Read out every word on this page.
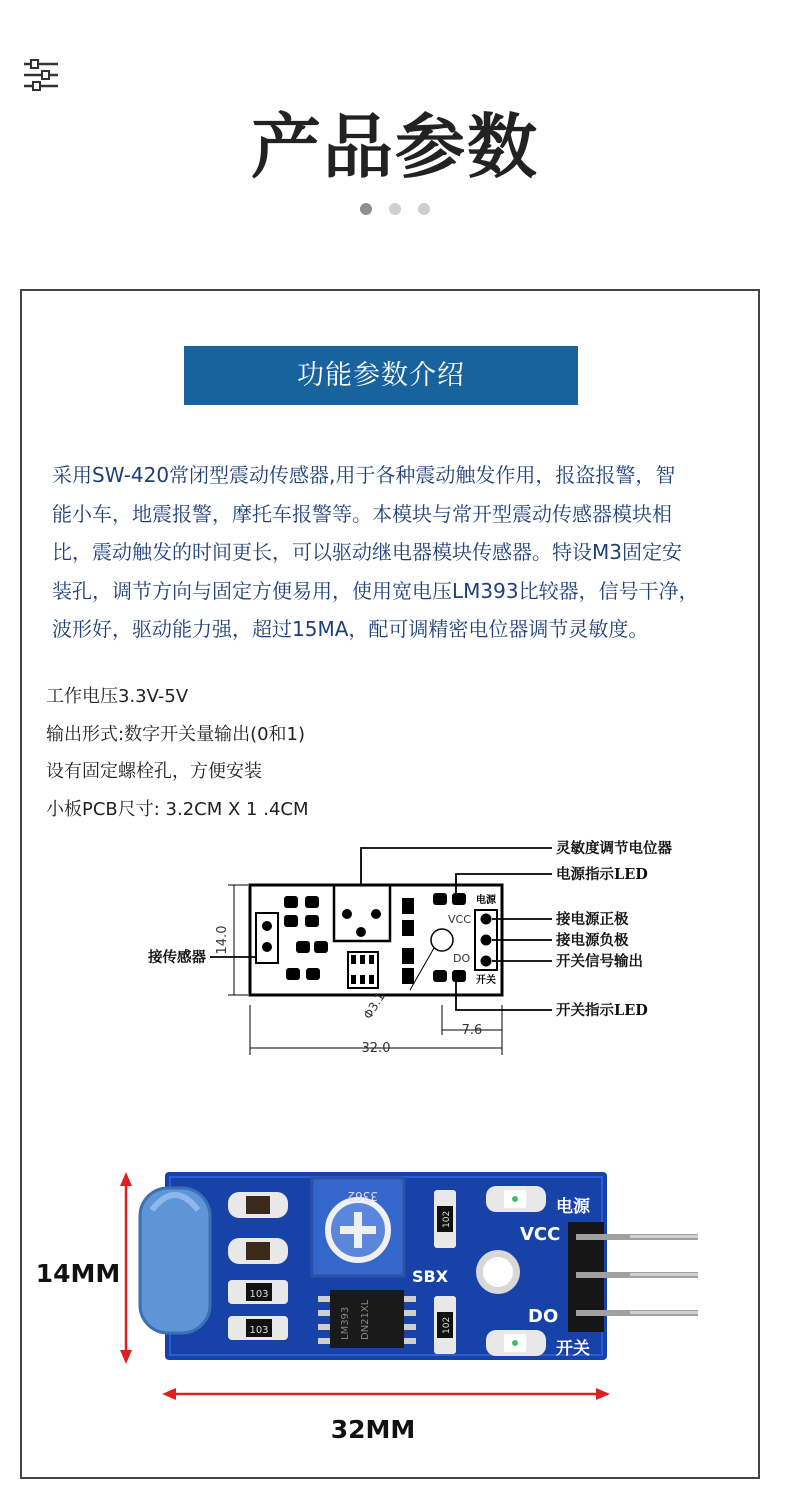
产品参数
功能参数介绍
采用SW-420常闭型震动传感器,用于各种震动触发作用，报盗报警，智
能小车，地震报警，摩托车报警等。本模块与常开型震动传感器模块相
比，震动触发的时间更长，可以驱动继电器模块传感器。特设M3固定安
装孔，调节方向与固定方便易用，使用宽电压LM393比较器，信号干净，
波形好，驱动能力强，超过15MA，配可调精密电位器调节灵敏度。
工作电压3.3V-5V
输出形式:数字开关量输出(0和1)
设有固定螺栓孔，方便安装
小板PCB尺寸: 3.2CM X 1 .4CM
电源
VCC
DO
开关
14.0
32.0
7.6
Φ3.1
灵敏度调节电位器
电源指示LED
接电源正极
接电源负极
开关信号输出
开关指示LED
接传感器
103
103
3362
SBX
LM393 DN21XL
102
102
电源
VCC
DO
开关
14MM
32MM
